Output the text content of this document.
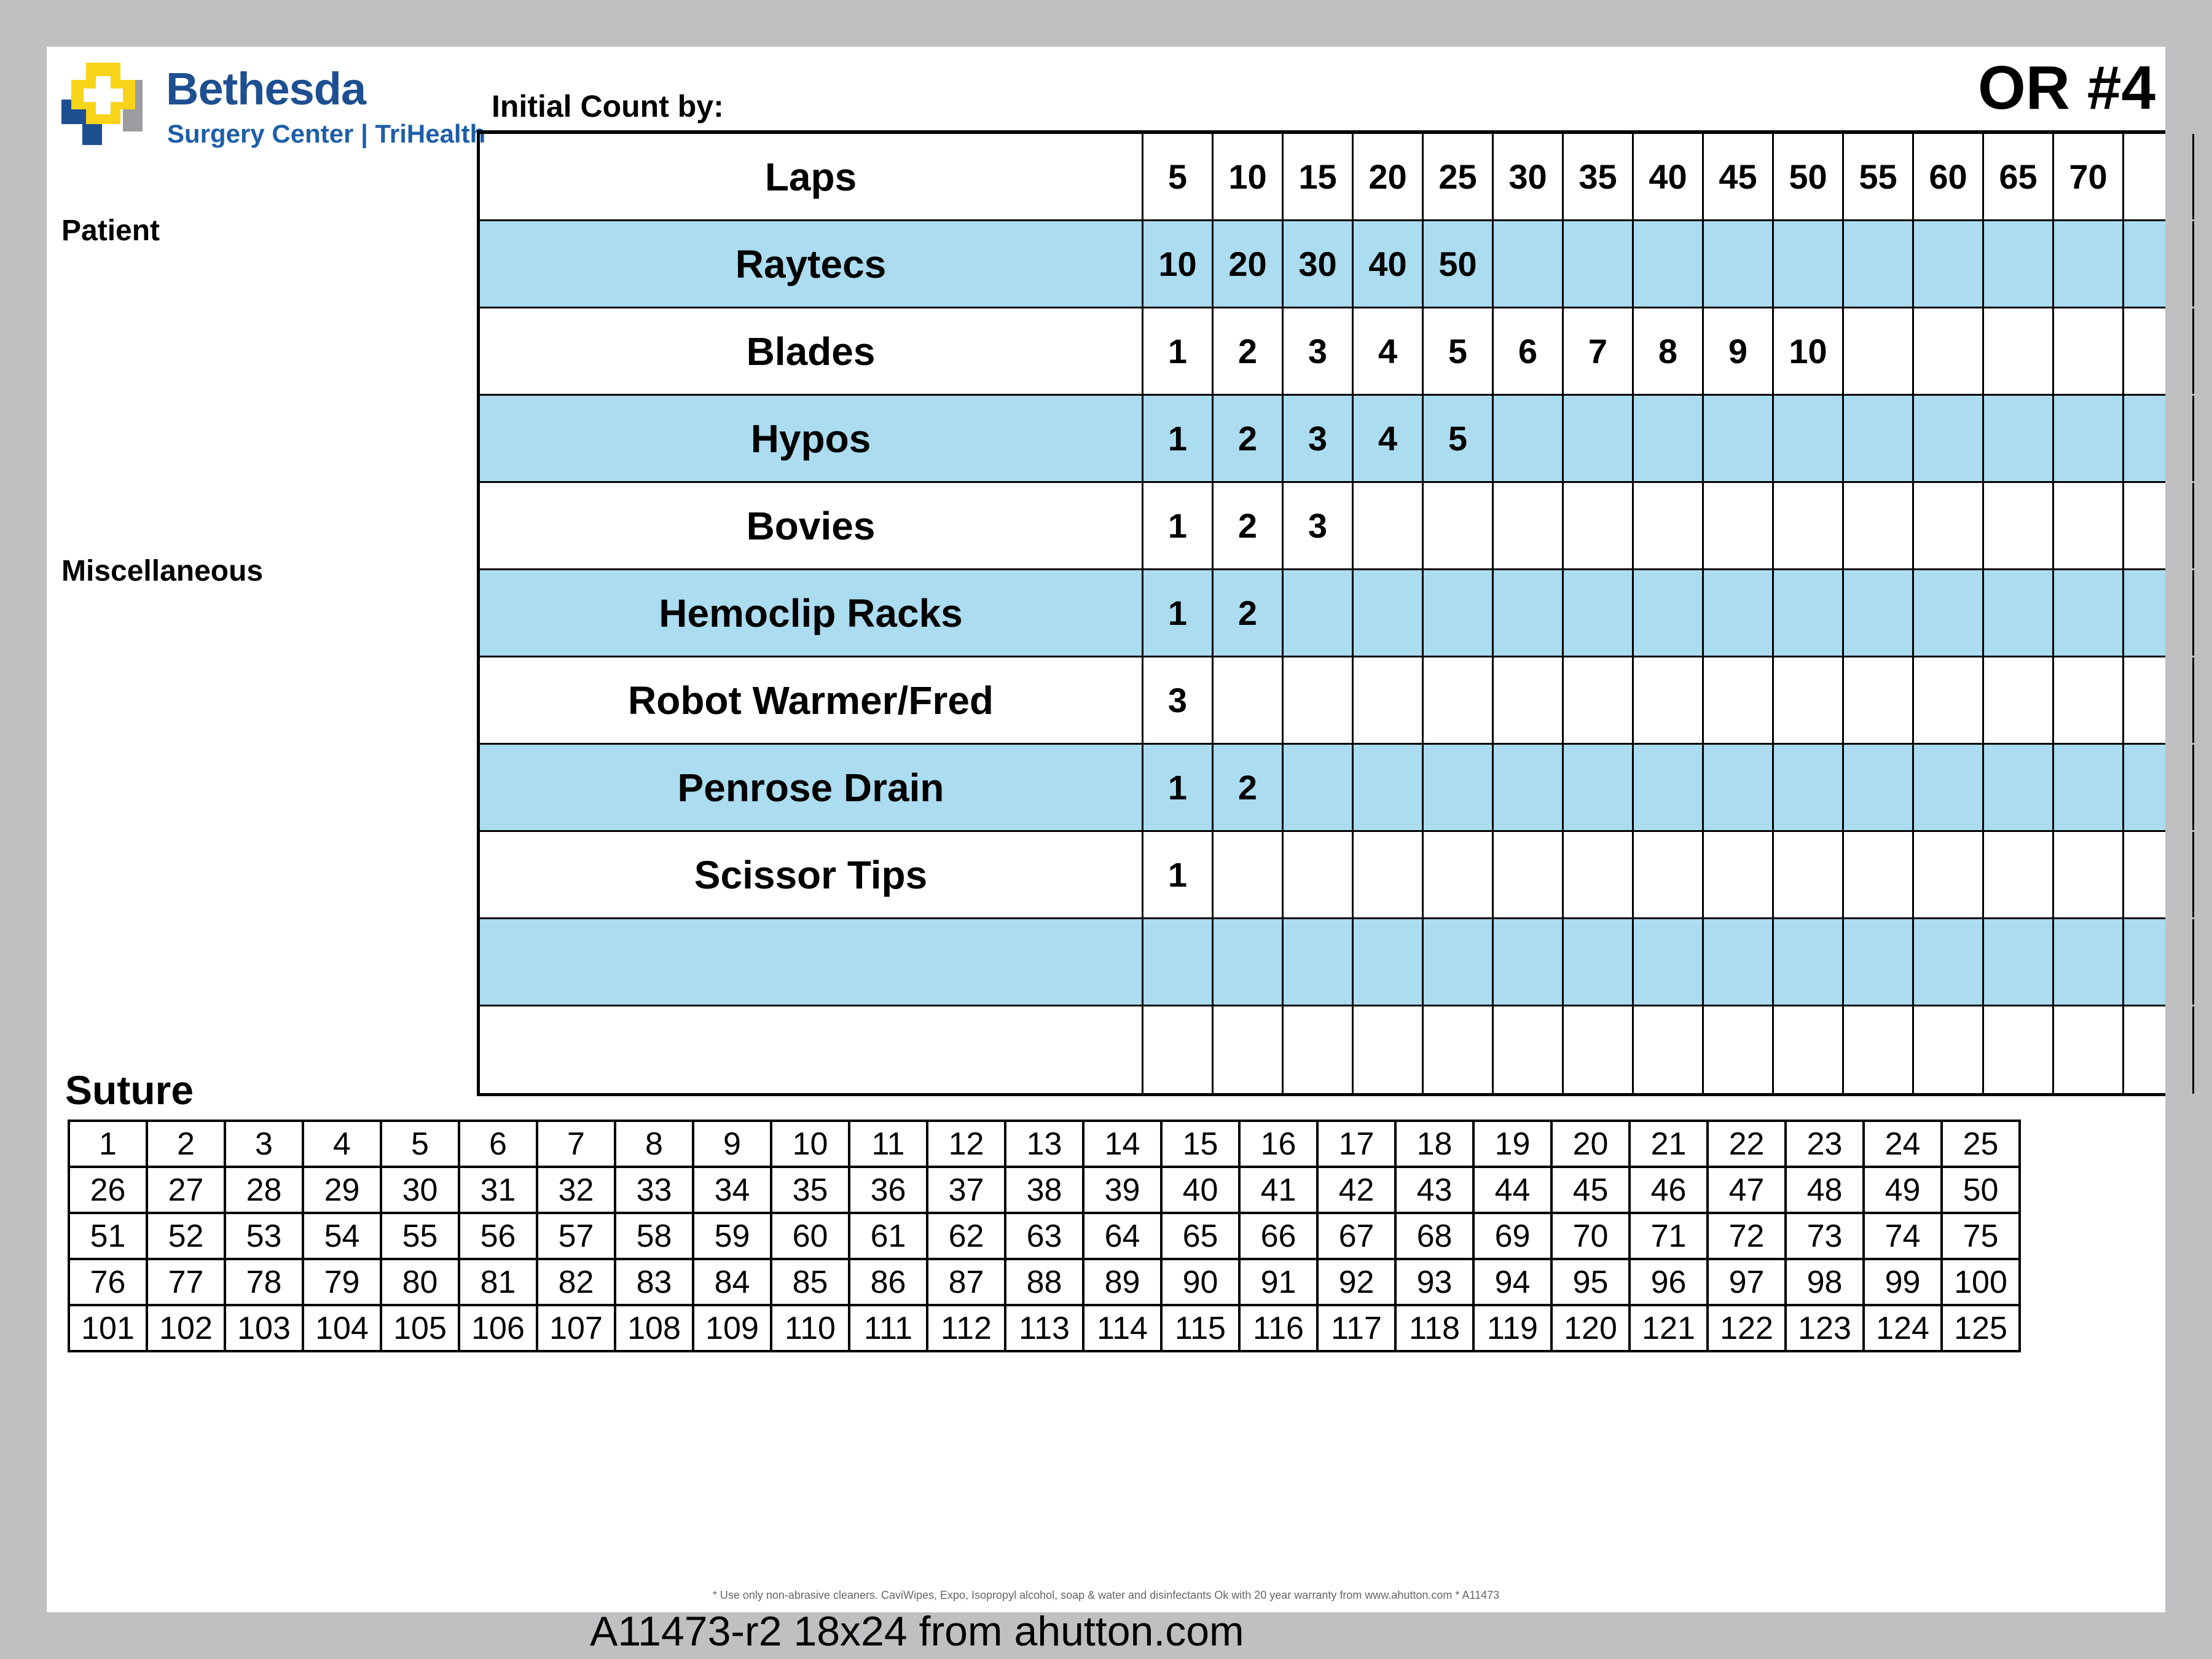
Bethesda
Surgery Center | TriHealth
Initial Count by:	OR #4
Patient
Miscellaneous
Laps	5	10 15 20 25 30 35 40 45 50 55 60 65 70
Raytecs	10 20 30 40 50
Blades	1	2	3	4	5	6	7	8	9	10
Hypos	1	2	3	4	5
Bovies	1	2	3
Hemoclip Racks	1	2
Robot Warmer/Fred	3
Penrose Drain	1	2
Scissor Tips	1
Suture
1	2	3	4	5	6	7	8	9	10	11	12	13	14	15	16	17	18	19	20	21	22	23	24	25
26	27	28	29	30	31	32	33	34	35	36	37	38	39	40	41	42	43	44	45	46	47	48	49	50
51	52	53	54	55	56	57	58	59	60	61	62	63	64	65	66	67	68	69	70	71	72	73	74	75
76	77	78	79	80	81	82	83	84	85	86	87	88	89	90	91	92	93	94	95	96	97	98	99	100
101	102	103	104	105	106	107	108	109	110	111	112	113	114	115	116	117	118	119	120	121	122	123	124	125
* Use only non-abrasive cleaners. CaviWipes, Expo, Isopropyl alcohol, soap & water and disinfectants Ok with 20 year warranty from www.ahutton.com * A11473
A11473-r2 18x24 from ahutton.com
